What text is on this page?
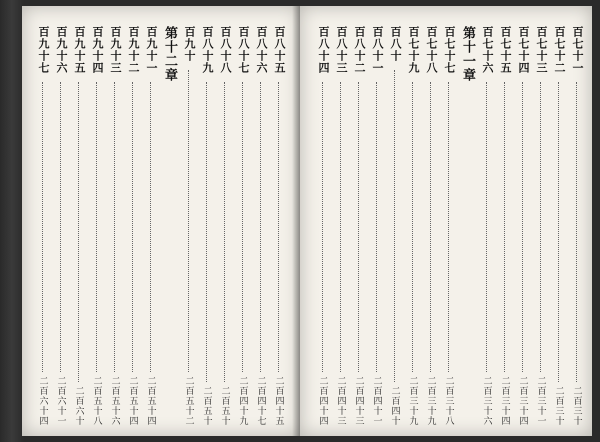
百八十五
二百四十五
百八十六
二百四十七
百八十七
二百四十九
百八十八
二百五十
百八十九
二百五十
百九十
二百五十二
第十二章
百九十一
二百五十四
百九十二
二百五十四
百九十三
二百五十六
百九十四
二百五十八
百九十五
二百六十
百九十六
二百六十一
百九十七
二百六十四
百七十一
二百三十
百七十二
二百三十
百七十三
二百三十一
百七十四
二百三十四
百七十五
二百三十四
百七十六
二百三十六
第十一章
百七十七
二百三十八
百七十八
二百三十九
百七十九
二百三十九
百八十
二百四十
百八十一
二百四十一
百八十二
二百四十三
百八十三
二百四十三
百八十四
二百四十四
